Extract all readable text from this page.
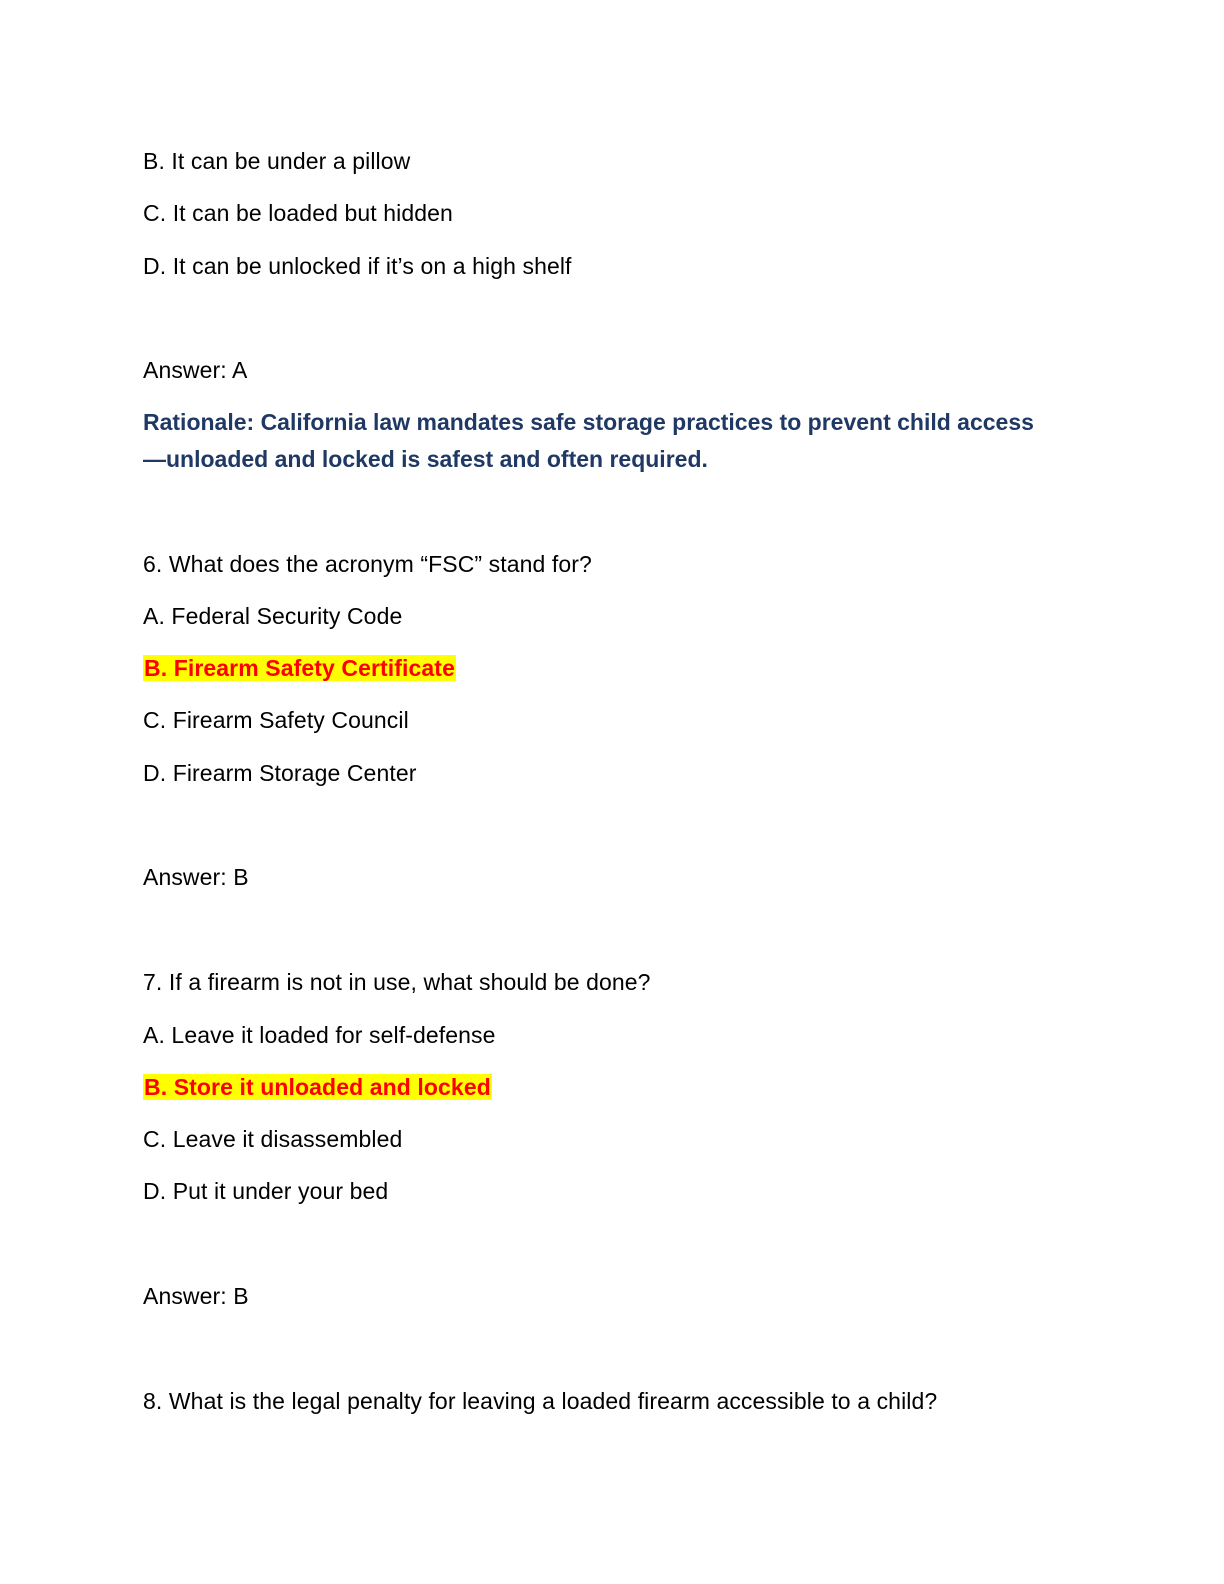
B. It can be under a pillow
C. It can be loaded but hidden
D. It can be unlocked if it’s on a high shelf
Answer: A
Rationale: California law mandates safe storage practices to prevent child access—unloaded and locked is safest and often required.
6. What does the acronym “FSC” stand for?
A. Federal Security Code
B. Firearm Safety Certificate
C. Firearm Safety Council
D. Firearm Storage Center
Answer: B
7. If a firearm is not in use, what should be done?
A. Leave it loaded for self-defense
B. Store it unloaded and locked
C. Leave it disassembled
D. Put it under your bed
Answer: B
8. What is the legal penalty for leaving a loaded firearm accessible to a child?
